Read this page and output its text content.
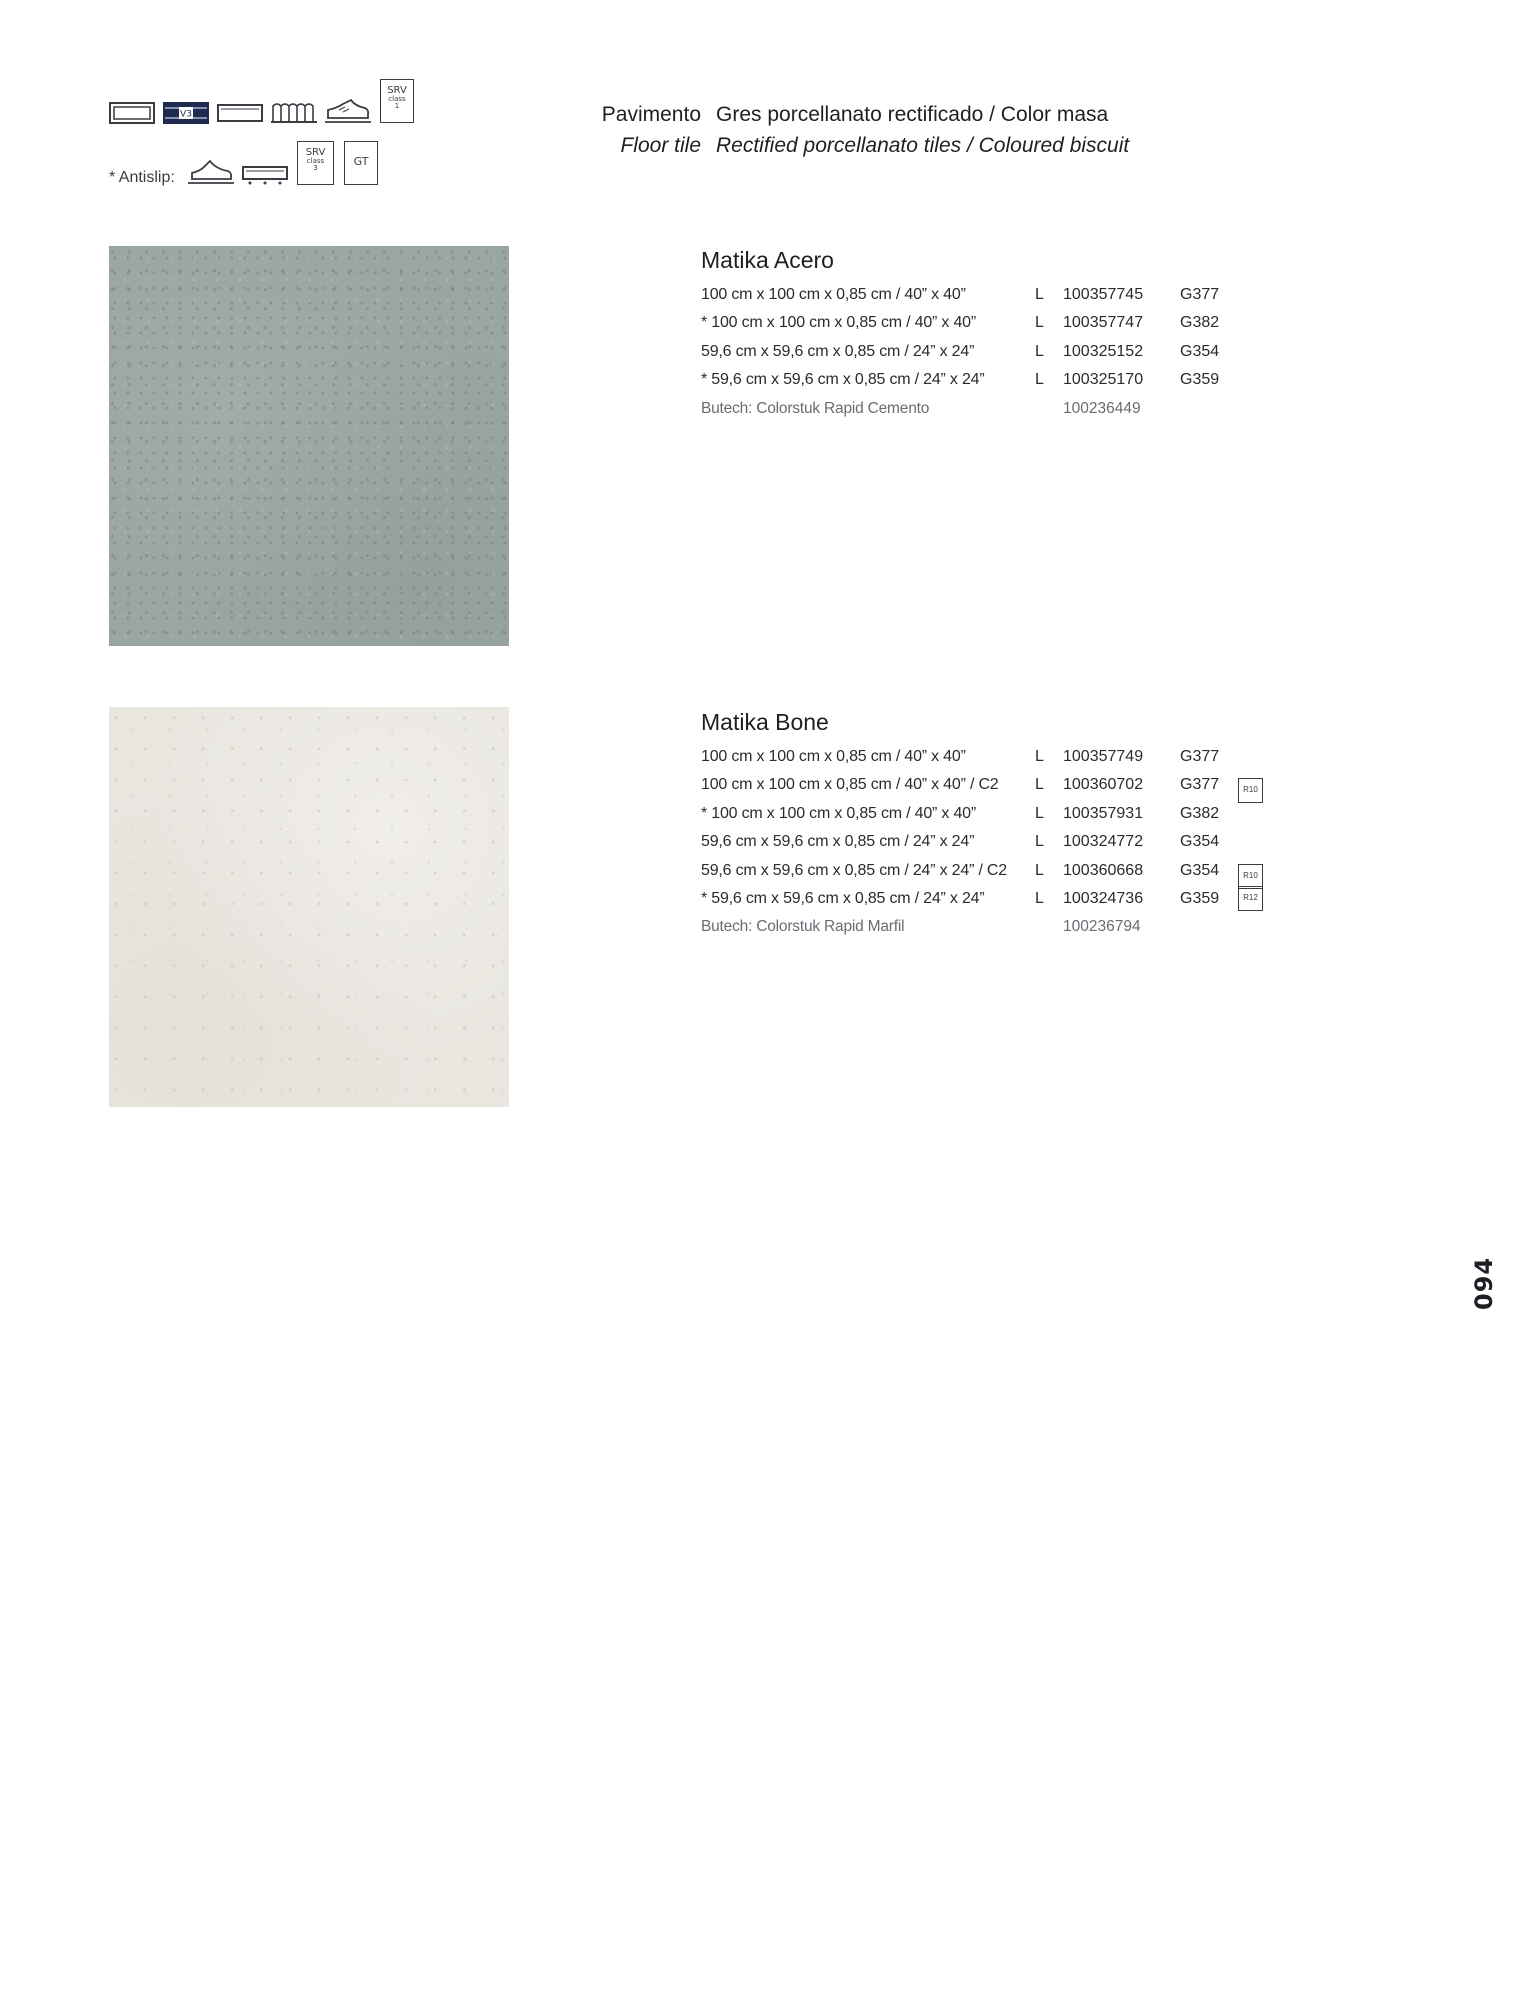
V3
SRV
class
1
* Antislip:
SRV
class
3	GT
Pavimento Gres porcellanato rectificado / Color masa
Floor tile Rectified porcellanato tiles / Coloured biscuit
Matika Acero
100 cm x 100 cm x 0,85 cm / 40” x 40”	L 100357745 G377
* 100 cm x 100 cm x 0,85 cm / 40” x 40”	L 100357747 G382
59,6 cm x 59,6 cm x 0,85 cm / 24” x 24”	L 100325152 G354
* 59,6 cm x 59,6 cm x 0,85 cm / 24” x 24”	L 100325170 G359
Butech: Colorstuk Rapid Cemento	100236449
Matika Bone
100 cm x 100 cm x 0,85 cm / 40” x 40”	L 100357749 G377
100 cm x 100 cm x 0,85 cm / 40” x 40” / C2 L 100360702 G377	R10
* 100 cm x 100 cm x 0,85 cm / 40” x 40”	L 100357931 G382
59,6 cm x 59,6 cm x 0,85 cm / 24” x 24”	L 100324772 G354
59,6 cm x 59,6 cm x 0,85 cm / 24” x 24” / C2 L 100360668 G354	R10
* 59,6 cm x 59,6 cm x 0,85 cm / 24” x 24”	L 100324736 G359	R12
Butech: Colorstuk Rapid Marfil	100236794
094
